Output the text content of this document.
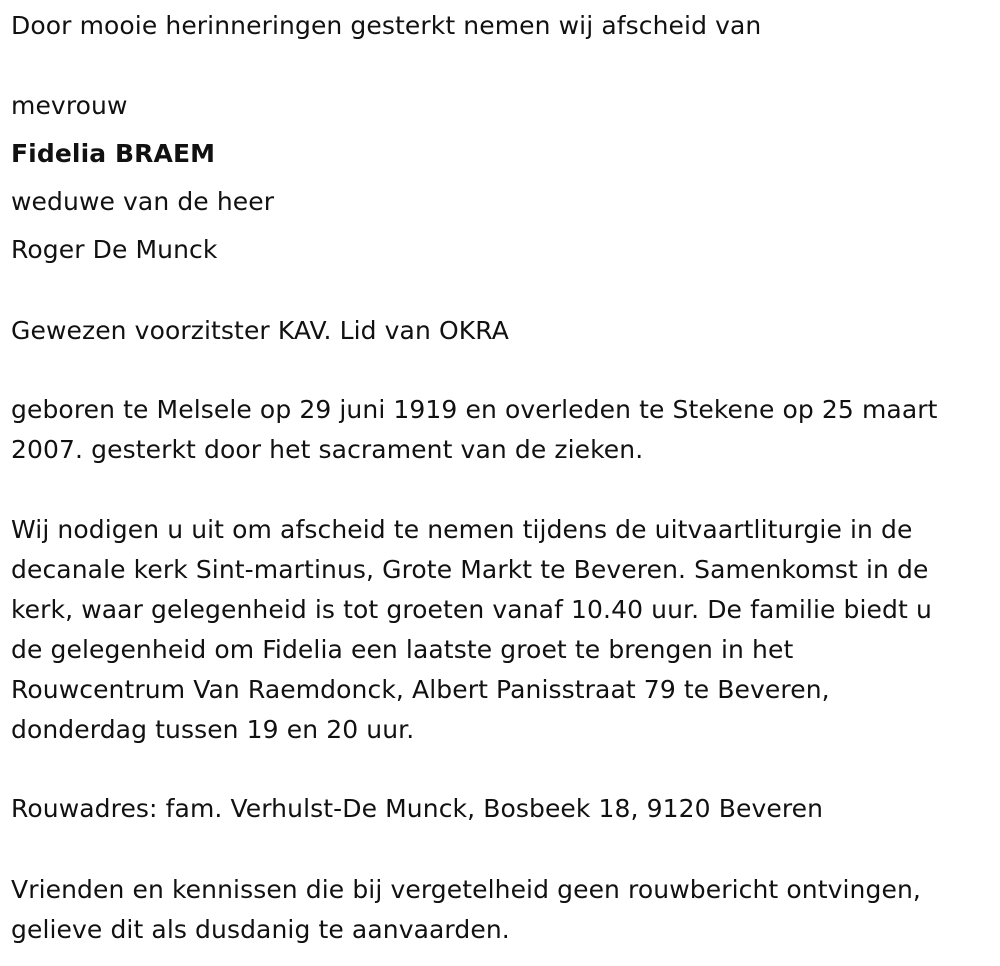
Door mooie herinneringen gesterkt nemen wij afscheid van
mevrouw
Fidelia BRAEM
weduwe van de heer
Roger De Munck
Gewezen voorzitster KAV. Lid van OKRA
geboren te Melsele op 29 juni 1919 en overleden te Stekene op 25 maart
2007. gesterkt door het sacrament van de zieken.
Wij nodigen u uit om afscheid te nemen tijdens de uitvaartliturgie in de
decanale kerk Sint-martinus, Grote Markt te Beveren. Samenkomst in de
kerk, waar gelegenheid is tot groeten vanaf 10.40 uur. De familie biedt u
de gelegenheid om Fidelia een laatste groet te brengen in het
Rouwcentrum Van Raemdonck, Albert Panisstraat 79 te Beveren,
donderdag tussen 19 en 20 uur.
Rouwadres: fam. Verhulst-De Munck, Bosbeek 18, 9120 Beveren
Vrienden en kennissen die bij vergetelheid geen rouwbericht ontvingen,
gelieve dit als dusdanig te aanvaarden.
